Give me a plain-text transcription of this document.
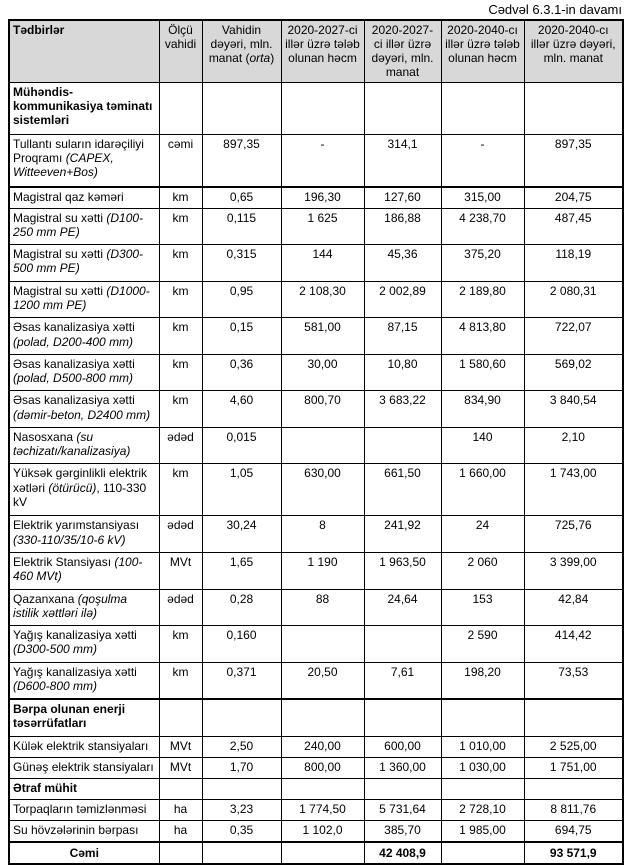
Cədvəl 6.3.1-in davamı
Tədbirlər	Ölçü vahidi	Vahidin dəyəri, mln. manat (orta)	2020-2027-ci illər üzrə tələb olunan həcm	2020-2027-ci illər üzrə dəyəri, mln. manat	2020-2040-cı illər üzrə tələb olunan həcm	2020-2040-cı illər üzrə dəyəri, mln. manat
Mühəndis-kommunikasiya təminatı sistemləri						
Tullantı suların idarəçiliyi Proqramı (CAPEX, Witteeven+Bos)	cəmi	897,35	-	314,1	-	897,35
Magistral qaz kəməri	km	0,65	196,30	127,60	315,00	204,75
Magistral su xətti (D100-250 mm PE)	km	0,115	1 625	186,88	4 238,70	487,45
Magistral su xətti (D300-500 mm PE)	km	0,315	144	45,36	375,20	118,19
Magistral su xətti (D1000-1200 mm PE)	km	0,95	2 108,30	2 002,89	2 189,80	2 080,31
Əsas kanalizasiya xətti (polad, D200-400 mm)	km	0,15	581,00	87,15	4 813,80	722,07
Əsas kanalizasiya xətti (polad, D500-800 mm)	km	0,36	30,00	10,80	1 580,60	569,02
Əsas kanalizasiya xətti (dəmir-beton, D2400 mm)	km	4,60	800,70	3 683,22	834,90	3 840,54
Nasosxana (su təchizatı/kanalizasiya)	ədəd	0,015			140	2,10
Yüksək gərginlikli elektrik xətləri (ötürücü), 110-330 kV	km	1,05	630,00	661,50	1 660,00	1 743,00
Elektrik yarımstansiyası (330-110/35/10-6 kV)	ədəd	30,24	8	241,92	24	725,76
Elektrik Stansiyası (100-460 MVt)	MVt	1,65	1 190	1 963,50	2 060	3 399,00
Qazanxana (qoşulma istilik xəttləri ilə)	ədəd	0,28	88	24,64	153	42,84
Yağış kanalizasiya xətti (D300-500 mm)	km	0,160			2 590	414,42
Yağış kanalizasiya xətti (D600-800 mm)	km	0,371	20,50	7,61	198,20	73,53
Bərpa olunan enerji təsərrüfatları						
Külək elektrik stansiyaları	MVt	2,50	240,00	600,00	1 010,00	2 525,00
Günəş elektrik stansiyaları	MVt	1,70	800,00	1 360,00	1 030,00	1 751,00
Ətraf mühit						
Torpaqların təmizlənməsi	ha	3,23	1 774,50	5 731,64	2 728,10	8 811,76
Su hövzələrinin bərpası	ha	0,35	1 102,0	385,70	1 985,00	694,75
Cəmi				42 408,9		93 571,9
